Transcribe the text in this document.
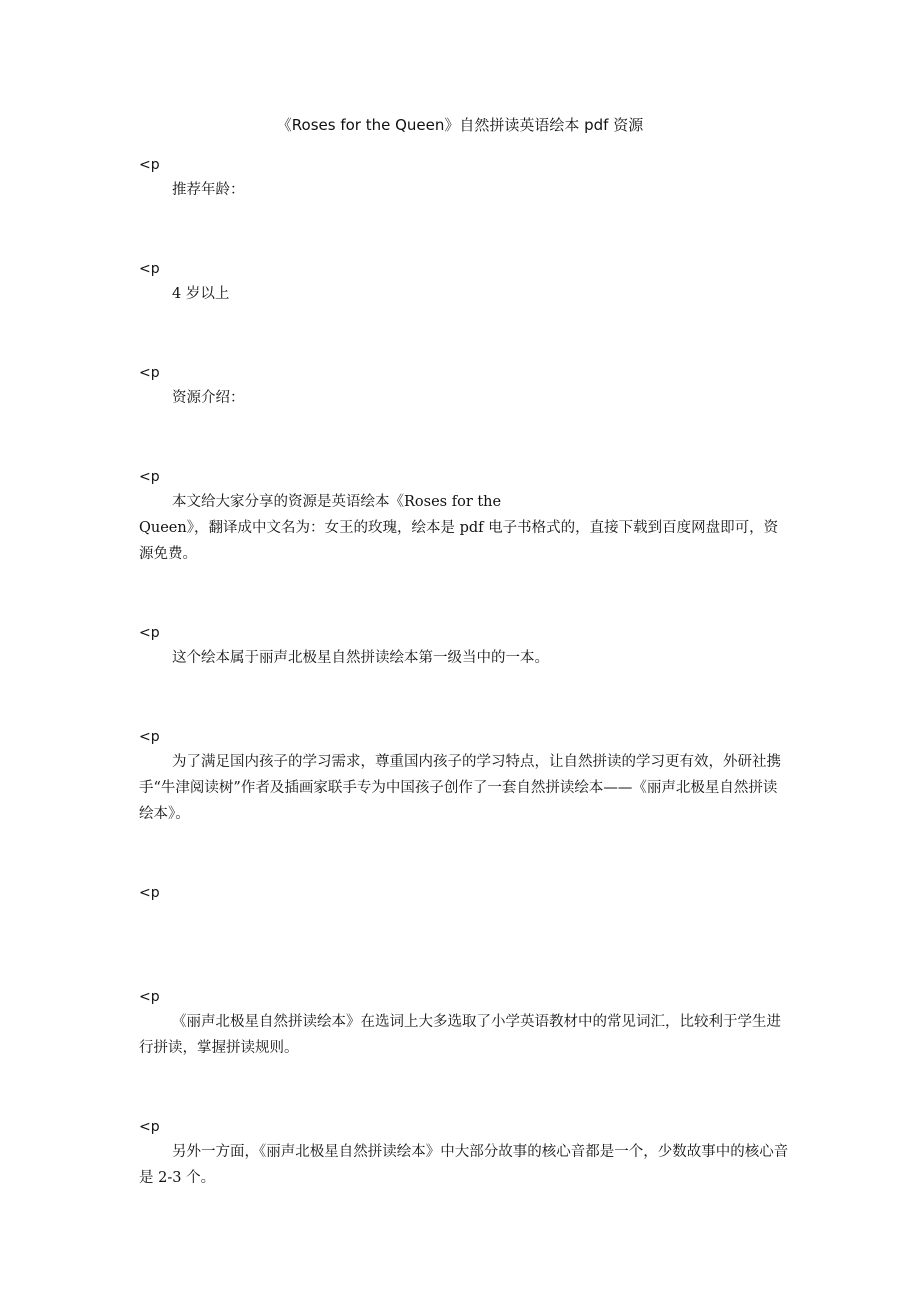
《Roses for the Queen》自然拼读英语绘本 pdf 资源
<p
推荐年龄：
<p
4 岁以上
<p
资源介绍：
<p
本文给大家分享的资源是英语绘本《Roses for the
Queen》，翻译成中文名为：女王的玫瑰，绘本是 pdf 电子书格式的，直接下载到百度网盘即可，资源免费。
<p
这个绘本属于丽声北极星自然拼读绘本第一级当中的一本。
<p
为了满足国内孩子的学习需求，尊重国内孩子的学习特点，让自然拼读的学习更有效，外研社携手“牛津阅读树”作者及插画家联手专为中国孩子创作了一套自然拼读绘本——《丽声北极星自然拼读绘本》。
<p
<p
《丽声北极星自然拼读绘本》在选词上大多选取了小学英语教材中的常见词汇，比较利于学生进行拼读，掌握拼读规则。
<p
另外一方面，《丽声北极星自然拼读绘本》中大部分故事的核心音都是一个，少数故事中的核心音是 2-3 个。
